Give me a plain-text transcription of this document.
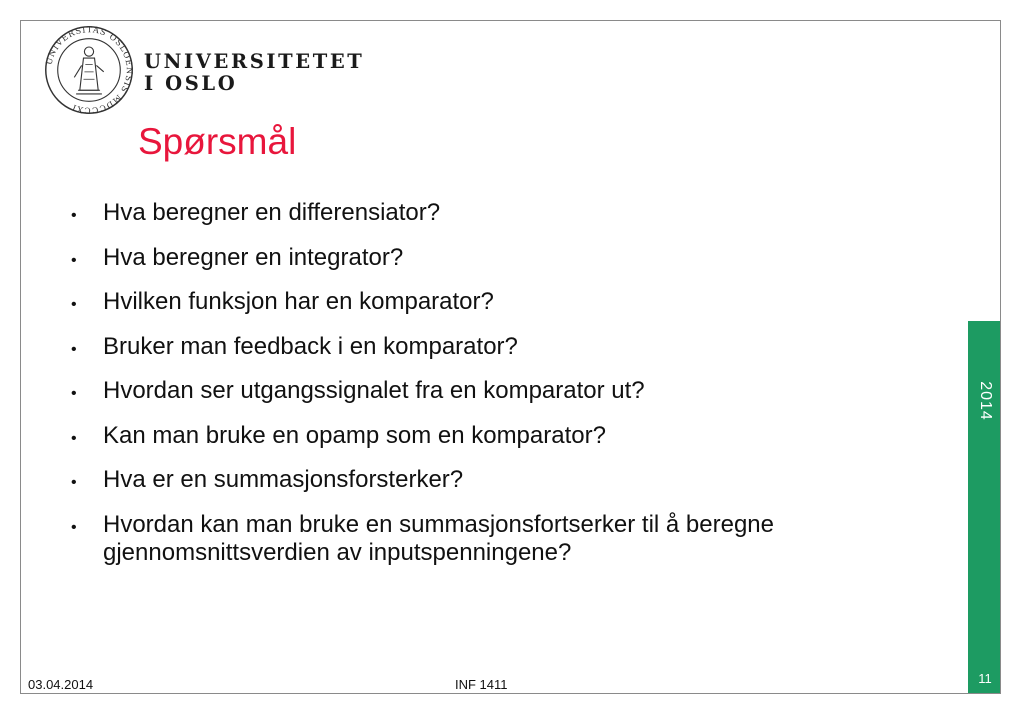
UNIVERSITAS OSLOENSIS MDCCCXI
UNIVERSITETET
I OSLO
Spørsmål
• Hva beregner en differensiator?
• Hva beregner en integrator?
• Hvilken funksjon har en komparator?
• Bruker man feedback i en komparator?
• Hvordan ser utgangssignalet fra en komparator ut?
• Kan man bruke en opamp som en komparator?
• Hva er en summasjonsforsterker?
• Hvordan kan man bruke en summasjonsfortserker til å beregne gjennomsnittsverdien av inputspenningene?
2014
11
03.04.2014	INF 1411
